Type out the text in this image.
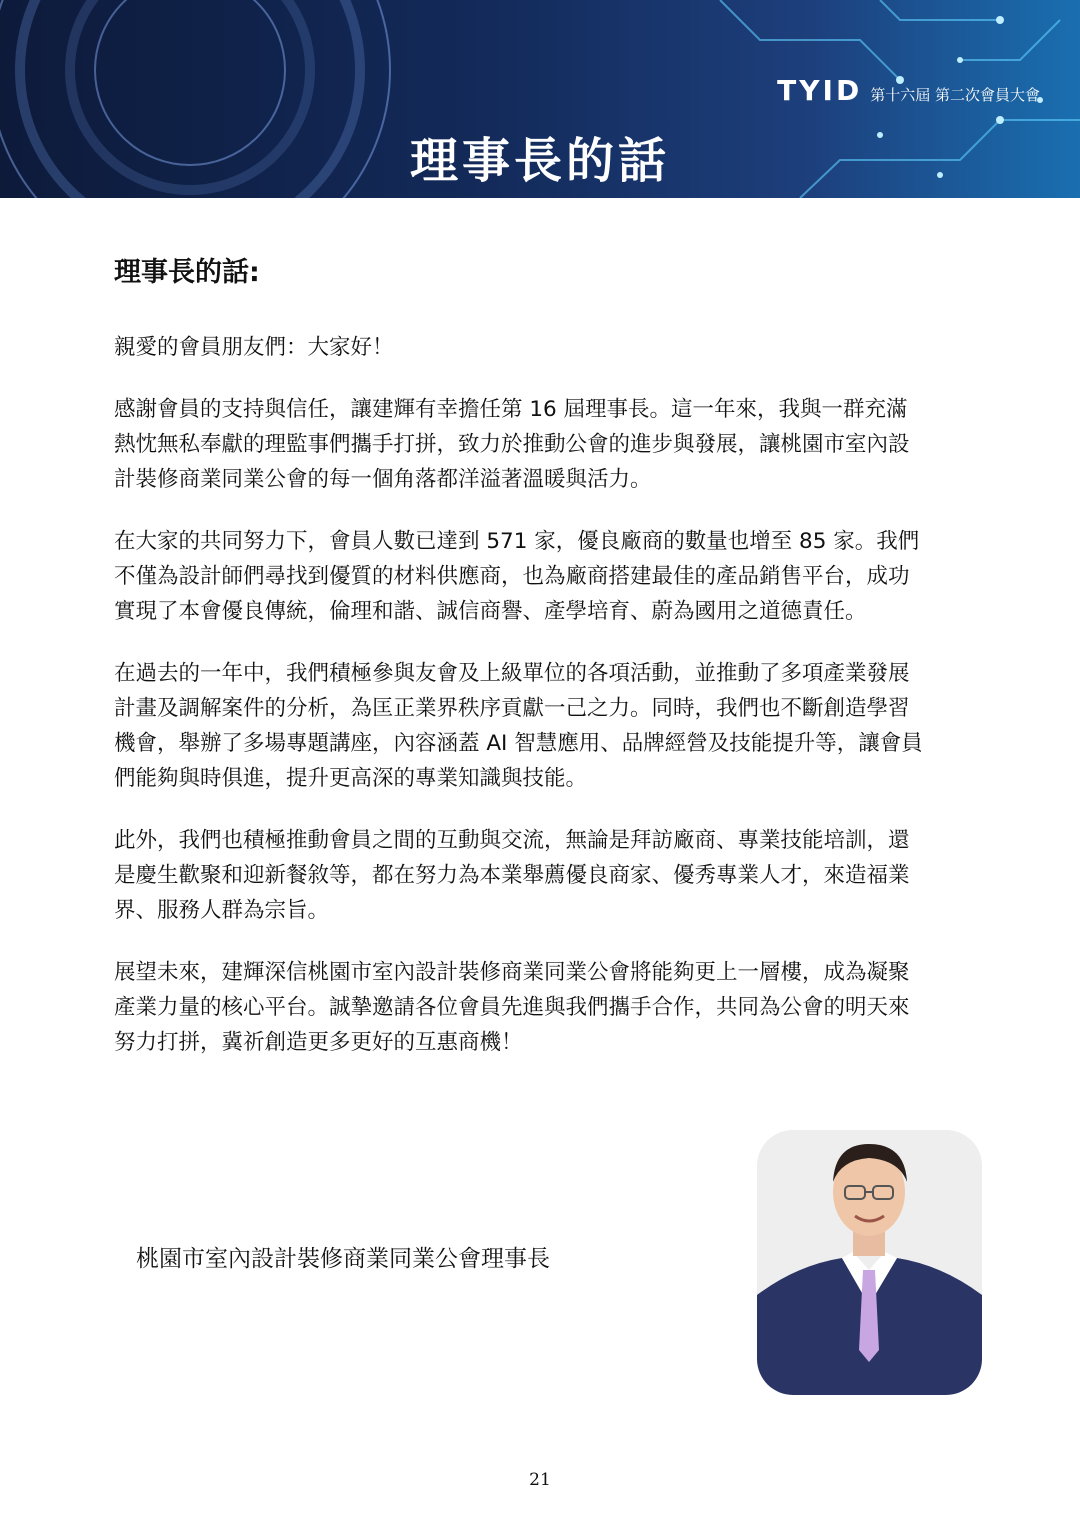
TYID 第十六屆 第二次會員大會
理事長的話
理事長的話:

親愛的會員朋友們：大家好！

感謝會員的支持與信任，讓建輝有幸擔任第 16 屆理事長。這一年來，我與一群充滿熱忱無私奉獻的理監事們攜手打拼，致力於推動公會的進步與發展，讓桃園市室內設計裝修商業同業公會的每一個角落都洋溢著溫暖與活力。

在大家的共同努力下，會員人數已達到 571 家，優良廠商的數量也增至 85 家。我們不僅為設計師們尋找到優質的材料供應商，也為廠商搭建最佳的產品銷售平台，成功實現了本會優良傳統，倫理和諧、誠信商譽、產學培育、蔚為國用之道德責任。

在過去的一年中，我們積極參與友會及上級單位的各項活動，並推動了多項產業發展計畫及調解案件的分析，為匡正業界秩序貢獻一己之力。同時，我們也不斷創造學習機會，舉辦了多場專題講座，內容涵蓋 AI 智慧應用、品牌經營及技能提升等，讓會員們能夠與時俱進，提升更高深的專業知識與技能。

此外，我們也積極推動會員之間的互動與交流，無論是拜訪廠商、專業技能培訓，還是慶生歡聚和迎新餐敘等，都在努力為本業舉薦優良商家、優秀專業人才，來造福業界、服務人群為宗旨。

展望未來，建輝深信桃園市室內設計裝修商業同業公會將能夠更上一層樓，成為凝聚產業力量的核心平台。誠摯邀請各位會員先進與我們攜手合作，共同為公會的明天來努力打拼，冀祈創造更多更好的互惠商機！

桃園市室內設計裝修商業同業公會理事長
21
